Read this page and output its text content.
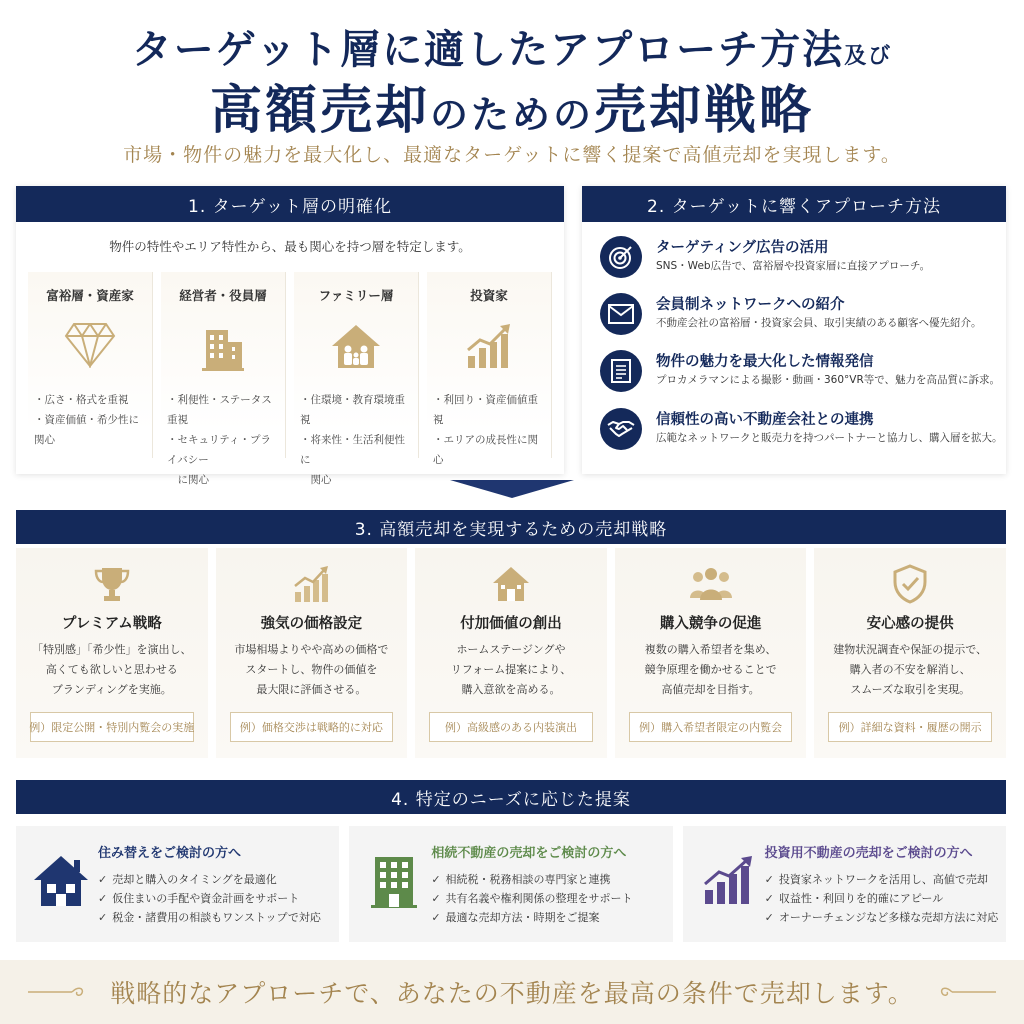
ターゲット層に適したアプローチ方法及び
高額売却のための売却戦略
市場・物件の魅力を最大化し、最適なターゲットに響く提案で高値売却を実現します。
1. ターゲット層の明確化
物件の特性やエリア特性から、最も関心を持つ層を特定します。
富裕層・資産家
・広さ・格式を重視
・資産価値・希少性に関心
経営者・役員層
・利便性・ステータス重視
・セキュリティ・プライバシー
　に関心
ファミリー層
・住環境・教育環境重視
・将来性・生活利便性に
　関心
投資家
・利回り・資産価値重視
・エリアの成長性に関心
2. ターゲットに響くアプローチ方法
ターゲティング広告の活用
SNS・Web広告で、富裕層や投資家層に直接アプローチ。
会員制ネットワークへの紹介
不動産会社の富裕層・投資家会員、取引実績のある顧客へ優先紹介。
物件の魅力を最大化した情報発信
プロカメラマンによる撮影・動画・360°VR等で、魅力を高品質に訴求。
信頼性の高い不動産会社との連携
広範なネットワークと販売力を持つパートナーと協力し、購入層を拡大。
3. 高額売却を実現するための売却戦略
プレミアム戦略
「特別感」「希少性」を演出し、
高くても欲しいと思わせる
ブランディングを実施。
例）限定公開・特別内覧会の実施
強気の価格設定
市場相場よりやや高めの価格で
スタートし、物件の価値を
最大限に評価させる。
例）価格交渉は戦略的に対応
付加価値の創出
ホームステージングや
リフォーム提案により、
購入意欲を高める。
例）高級感のある内装演出
購入競争の促進
複数の購入希望者を集め、
競争原理を働かせることで
高値売却を目指す。
例）購入希望者限定の内覧会
安心感の提供
建物状況調査や保証の提示で、
購入者の不安を解消し、
スムーズな取引を実現。
例）詳細な資料・履歴の開示
4. 特定のニーズに応じた提案
住み替えをご検討の方へ
✓ 売却と購入のタイミングを最適化
✓ 仮住まいの手配や資金計画をサポート
✓ 税金・諸費用の相談もワンストップで対応
相続不動産の売却をご検討の方へ
✓ 相続税・税務相談の専門家と連携
✓ 共有名義や権利関係の整理をサポート
✓ 最適な売却方法・時期をご提案
投資用不動産の売却をご検討の方へ
✓ 投資家ネットワークを活用し、高値で売却
✓ 収益性・利回りを的確にアピール
✓ オーナーチェンジなど多様な売却方法に対応
戦略的なアプローチで、あなたの不動産を最高の条件で売却します。
